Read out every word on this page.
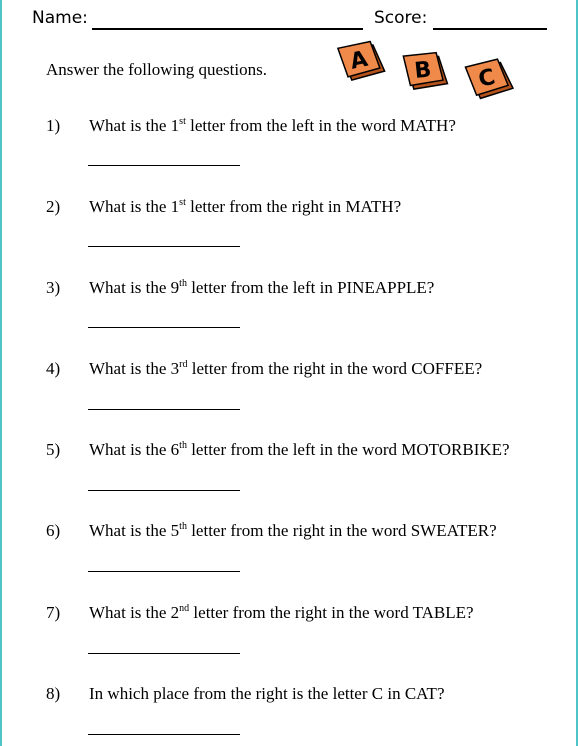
Name:	Score:
Answer the following questions.	A B C
1) What is the 1st letter from the left in the word MATH?
2) What is the 1st letter from the right in MATH?
3) What is the 9th letter from the left in PINEAPPLE?
4) What is the 3rd letter from the right in the word COFFEE?
5) What is the 6th letter from the left in the word MOTORBIKE?
6) What is the 5th letter from the right in the word SWEATER?
7) What is the 2nd letter from the right in the word TABLE?
8) In which place from the right is the letter C in CAT?
